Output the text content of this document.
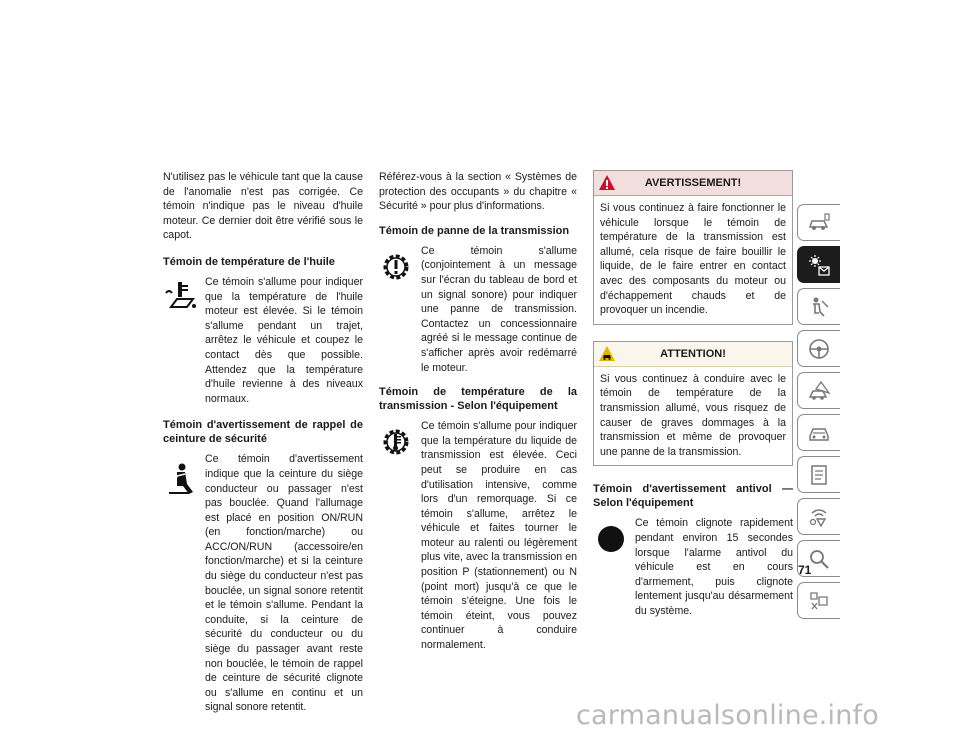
N'utilisez pas le véhicule tant que la cause de l'anomalie n'est pas corrigée. Ce témoin n'indique pas le niveau d'huile moteur. Ce dernier doit être vérifié sous le capot.

Témoin de température de l'huile

Ce témoin s'allume pour indiquer que la température de l'huile moteur est élevée. Si le témoin s'allume pendant un trajet, arrêtez le véhicule et coupez le contact dès que possible. Attendez que la température d'huile revienne à des niveaux normaux.

Témoin d'avertissement de rappel de ceinture de sécurité

Ce témoin d'avertissement indique que la ceinture du siège conducteur ou passager n'est pas bouclée. Quand l'allumage est placé en position ON/RUN (en fonction/marche) ou ACC/ON/RUN (accessoire/en fonction/marche) et si la ceinture du siège du conducteur n'est pas bouclée, un signal sonore retentit et le témoin s'allume. Pendant la conduite, si la ceinture de sécurité du conducteur ou du siège du passager avant reste non bouclée, le témoin de rappel de ceinture de sécurité clignote ou s'allume en continu et un signal sonore retentit.

Référez-vous à la section « Systèmes de protection des occupants » du chapitre « Sécurité » pour plus d'informations.

Témoin de panne de la transmission

Ce témoin s'allume (conjointement à un message sur l'écran du tableau de bord et un signal sonore) pour indiquer une panne de transmission. Contactez un concessionnaire agréé si le message continue de s'afficher après avoir redémarré le moteur.

Témoin de température de la transmission - Selon l'équipement

Ce témoin s'allume pour indiquer que la température du liquide de transmission est élevée. Ceci peut se produire en cas d'utilisation intensive, comme lors d'un remorquage. Si ce témoin s'allume, arrêtez le véhicule et faites tourner le moteur au ralenti ou légèrement plus vite, avec la transmission en position P (stationnement) ou N (point mort) jusqu'à ce que le témoin s'éteigne. Une fois le témoin éteint, vous pouvez continuer à conduire normalement.

AVERTISSEMENT!
Si vous continuez à faire fonctionner le véhicule lorsque le témoin de température de la transmission est allumé, cela risque de faire bouillir le liquide, de le faire entrer en contact avec des composants du moteur ou d'échappement chauds et de provoquer un incendie.
ATTENTION!
Si vous continuez à conduire avec le témoin de température de la transmission allumé, vous risquez de causer de graves dommages à la transmission et même de provoquer une panne de la transmission.
Témoin d'avertissement antivol — Selon l'équipement

Ce témoin clignote rapidement pendant environ 15 secondes lorsque l'alarme antivol du véhicule est en cours d'armement, puis clignote lentement jusqu'au désarmement du système.

71
carmanualsonline.info
